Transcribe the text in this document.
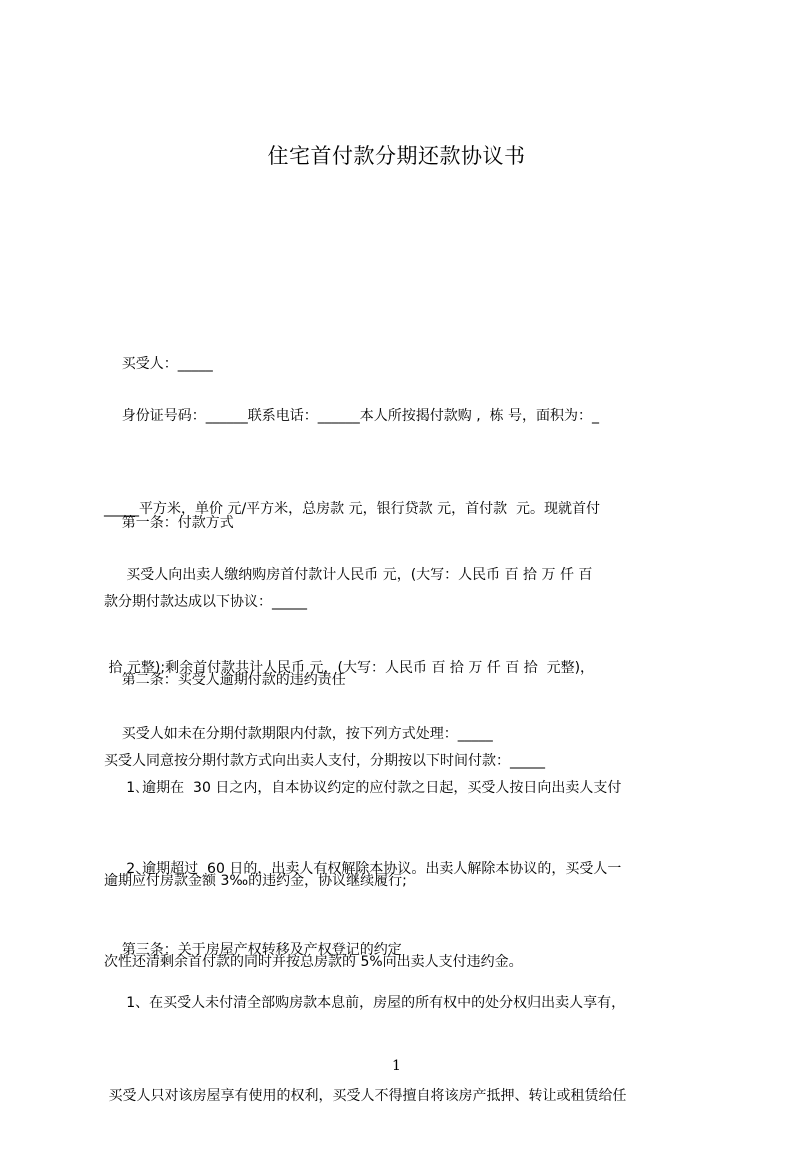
住宅首付款分期还款协议书

买受人：_____

身份证号码：______联系电话：______本人所按揭付款购 ,  栋 号，面积为：_

_____平方米，单价 元/平方米，总房款 元，银行贷款 元，首付款  元。现就首付

款分期付款达成以下协议：_____

第一条：付款方式

买受人向出卖人缴纳购房首付款计人民币 元，(大写：人民币 百 拾 万 仟 百

拾 元整);剩余首付款共计人民币 元，(大写：人民币 百 拾 万 仟 百 拾  元整)，

买受人同意按分期付款方式向出卖人支付，分期按以下时间付款：_____

第二条：买受人逾期付款的违约责任

买受人如未在分期付款期限内付款，按下列方式处理：_____

1､逾期在  30 日之内，自本协议约定的应付款之日起，买受人按日向出卖人支付

逾期应付房款金额 3‰的违约金，协议继续履行;

2､逾期超过  60 日的，出卖人有权解除本协议。出卖人解除本协议的，买受人一

次性还清剩余首付款的同时并按总房款的 5%向出卖人支付违约金。

第三条：关于房屋产权转移及产权登记的约定

1、在买受人未付清全部购房款本息前，房屋的所有权中的处分权归出卖人享有，

买受人只对该房屋享有使用的权利，买受人不得擅自将该房产抵押、转让或租赁给任

1
